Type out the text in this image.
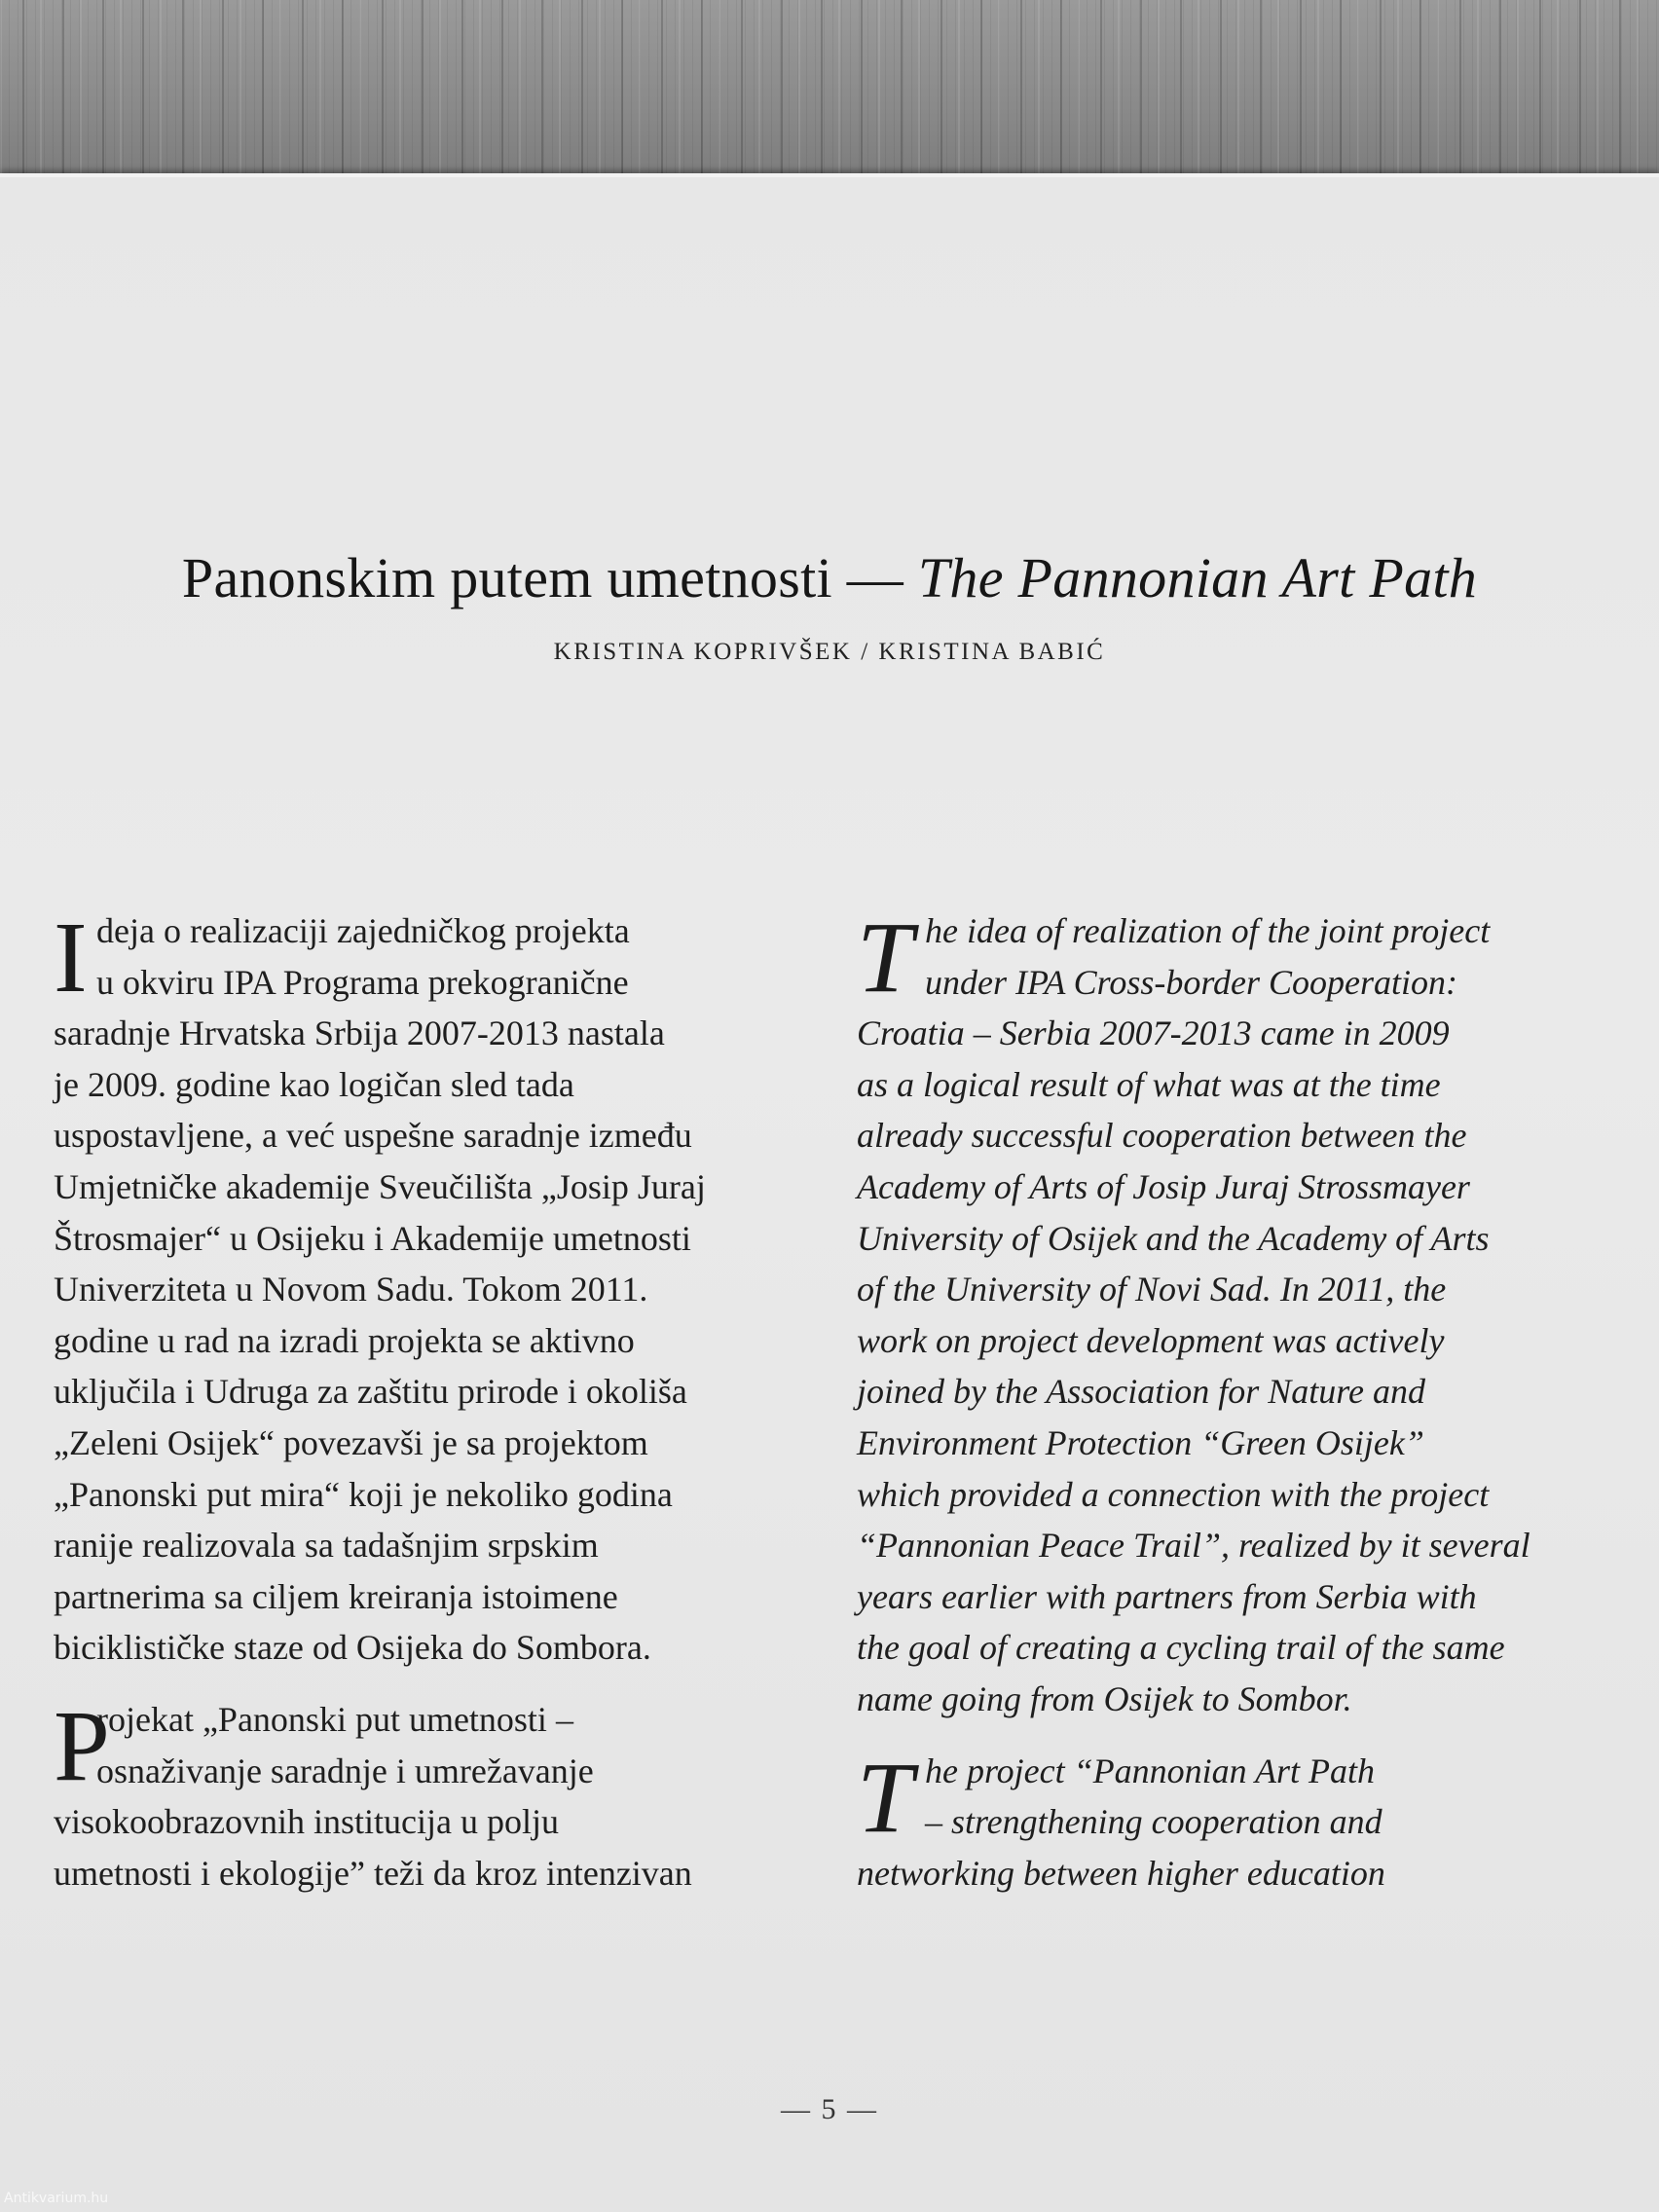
Panonskim putem umetnosti — The Pannonian Art Path
KRISTINA KOPRIVŠEK / KRISTINA BABIĆ
I deja o realizaciji zajedničkog projekta
u okviru IPA Programa prekogranične
saradnje Hrvatska Srbija 2007-2013 nastala
je 2009. godine kao logičan sled tada
uspostavljene, a već uspešne saradnje između
Umjetničke akademije Sveučilišta „Josip Juraj
Štrosmajer“ u Osijeku i Akademije umetnosti
Univerziteta u Novom Sadu. Tokom 2011.
godine u rad na izradi projekta se aktivno
uključila i Udruga za zaštitu prirode i okoliša
„Zeleni Osijek“ povezavši je sa projektom
„Panonski put mira“ koji je nekoliko godina
ranije realizovala sa tadašnjim srpskim
partnerima sa ciljem kreiranja istoimene
biciklističke staze od Osijeka do Sombora.
P
rojekat „Panonski put umetnosti –
osnaživanje saradnje i umrežavanje
visokoobrazovnih institucija u polju
umetnosti i ekologije” teži da kroz intenzivan
T he idea of realization of the joint project
under IPA Cross-border Cooperation:
Croatia – Serbia 2007-2013 came in 2009
as a logical result of what was at the time
already successful cooperation between the
Academy of Arts of Josip Juraj Strossmayer
University of Osijek and the Academy of Arts
of the University of Novi Sad. In 2011, the
work on project development was actively
joined by the Association for Nature and
Environment Protection “Green Osijek”
which provided a connection with the project
“Pannonian Peace Trail”, realized by it several
years earlier with partners from Serbia with
the goal of creating a cycling trail of the same
name going from Osijek to Sombor.
T he project “Pannonian Art Path
– strengthening cooperation and
networking between higher education
— 5 —
Antikvarium.hu
